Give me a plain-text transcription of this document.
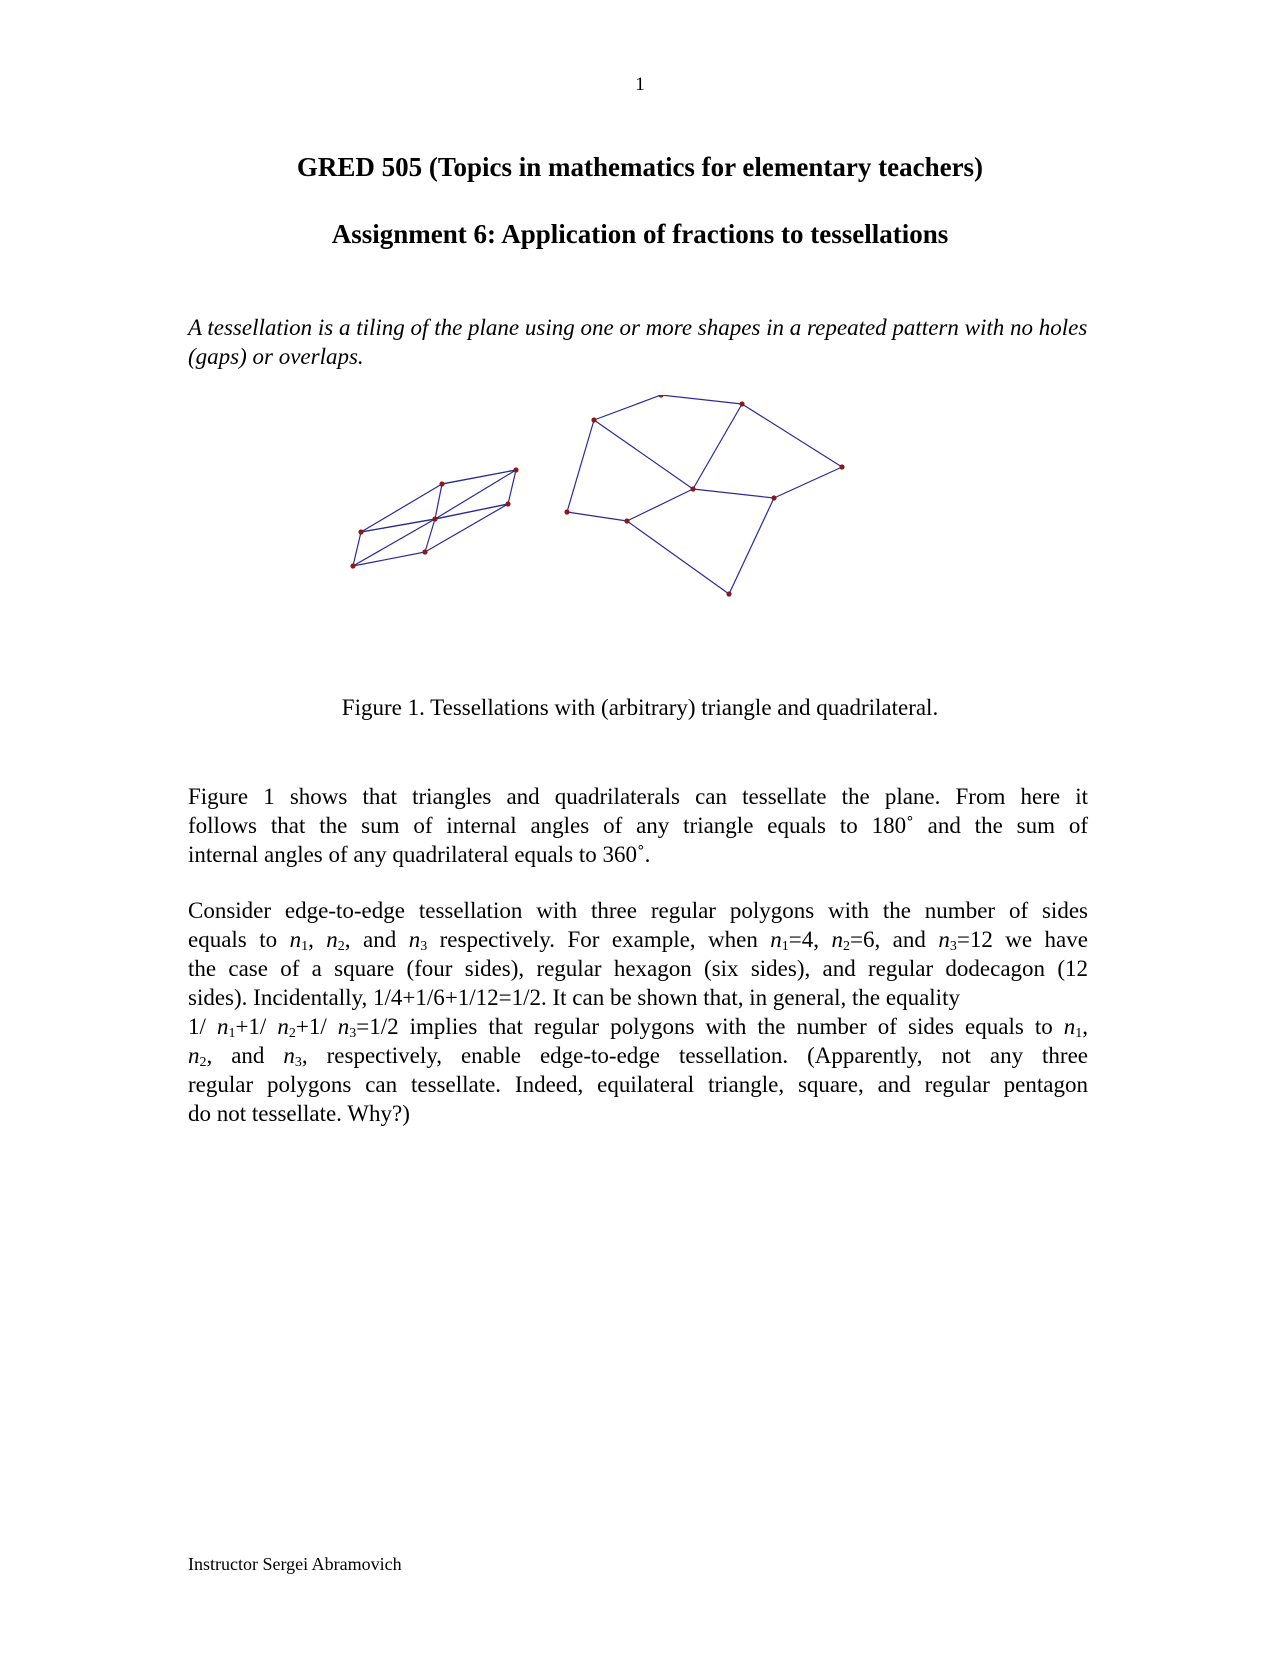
1
GRED 505 (Topics in mathematics for elementary teachers)
Assignment 6: Application of fractions to tessellations
A tessellation is a tiling of the plane using one or more shapes in a repeated pattern with no holes (gaps) or overlaps.
Figure 1. Tessellations with (arbitrary) triangle and quadrilateral.
Figure 1 shows that triangles and quadrilaterals can tessellate the plane. From here it
follows that the sum of internal angles of any triangle equals to 180˚ and the sum of
internal angles of any quadrilateral equals to 360˚.
Consider edge-to-edge tessellation with three regular polygons with the number of sides
equals to $n_1$, $n_2$, and $n_3$ respectively. For example, when $n_1=4$, $n_2=6$, and $n_3=12$ we have
the case of a square (four sides), regular hexagon (six sides), and regular dodecagon (12
sides). Incidentally, 1/4+1/6+1/12=1/2. It can be shown that, in general, the equality
1/ $n_1+1/$ $n_2+1/$ $n_3=1/2$ implies that regular polygons with the number of sides equals to $n_1$,
$n_2$, and $n_3$, respectively, enable edge-to-edge tessellation. (Apparently, not any three
regular polygons can tessellate. Indeed, equilateral triangle, square, and regular pentagon
do not tessellate. Why?)
Instructor Sergei Abramovich
